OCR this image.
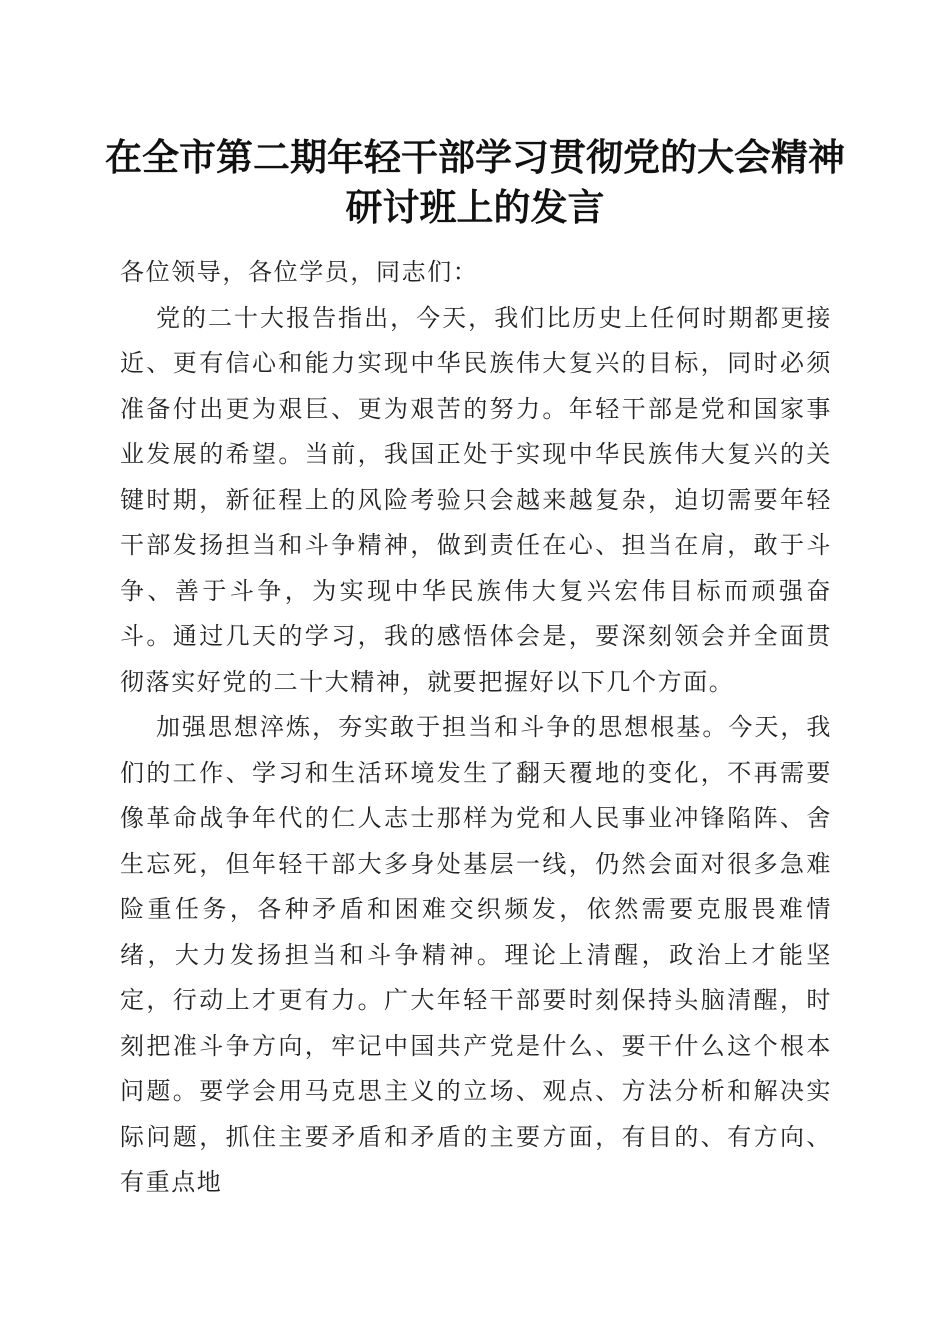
在全市第二期年轻干部学习贯彻党的大会精神
研讨班上的发言

各位领导，各位学员，同志们：

党的二十大报告指出，今天，我们比历史上任何时期都更接近、更有信心和能力实现中华民族伟大复兴的目标，同时必须准备付出更为艰巨、更为艰苦的努力。年轻干部是党和国家事业发展的希望。当前，我国正处于实现中华民族伟大复兴的关键时期，新征程上的风险考验只会越来越复杂，迫切需要年轻干部发扬担当和斗争精神，做到责任在心、担当在肩，敢于斗争、善于斗争，为实现中华民族伟大复兴宏伟目标而顽强奋斗。通过几天的学习，我的感悟体会是，要深刻领会并全面贯彻落实好党的二十大精神，就要把握好以下几个方面。

加强思想淬炼，夯实敢于担当和斗争的思想根基。今天，我们的工作、学习和生活环境发生了翻天覆地的变化，不再需要像革命战争年代的仁人志士那样为党和人民事业冲锋陷阵、舍生忘死，但年轻干部大多身处基层一线，仍然会面对很多急难险重任务，各种矛盾和困难交织频发，依然需要克服畏难情绪，大力发扬担当和斗争精神。理论上清醒，政治上才能坚定，行动上才更有力。广大年轻干部要时刻保持头脑清醒，时刻把准斗争方向，牢记中国共产党是什么、要干什么这个根本问题。要学会用马克思主义的立场、观点、方法分析和解决实际问题，抓住主要矛盾和矛盾的主要方面，有目的、有方向、有重点地
